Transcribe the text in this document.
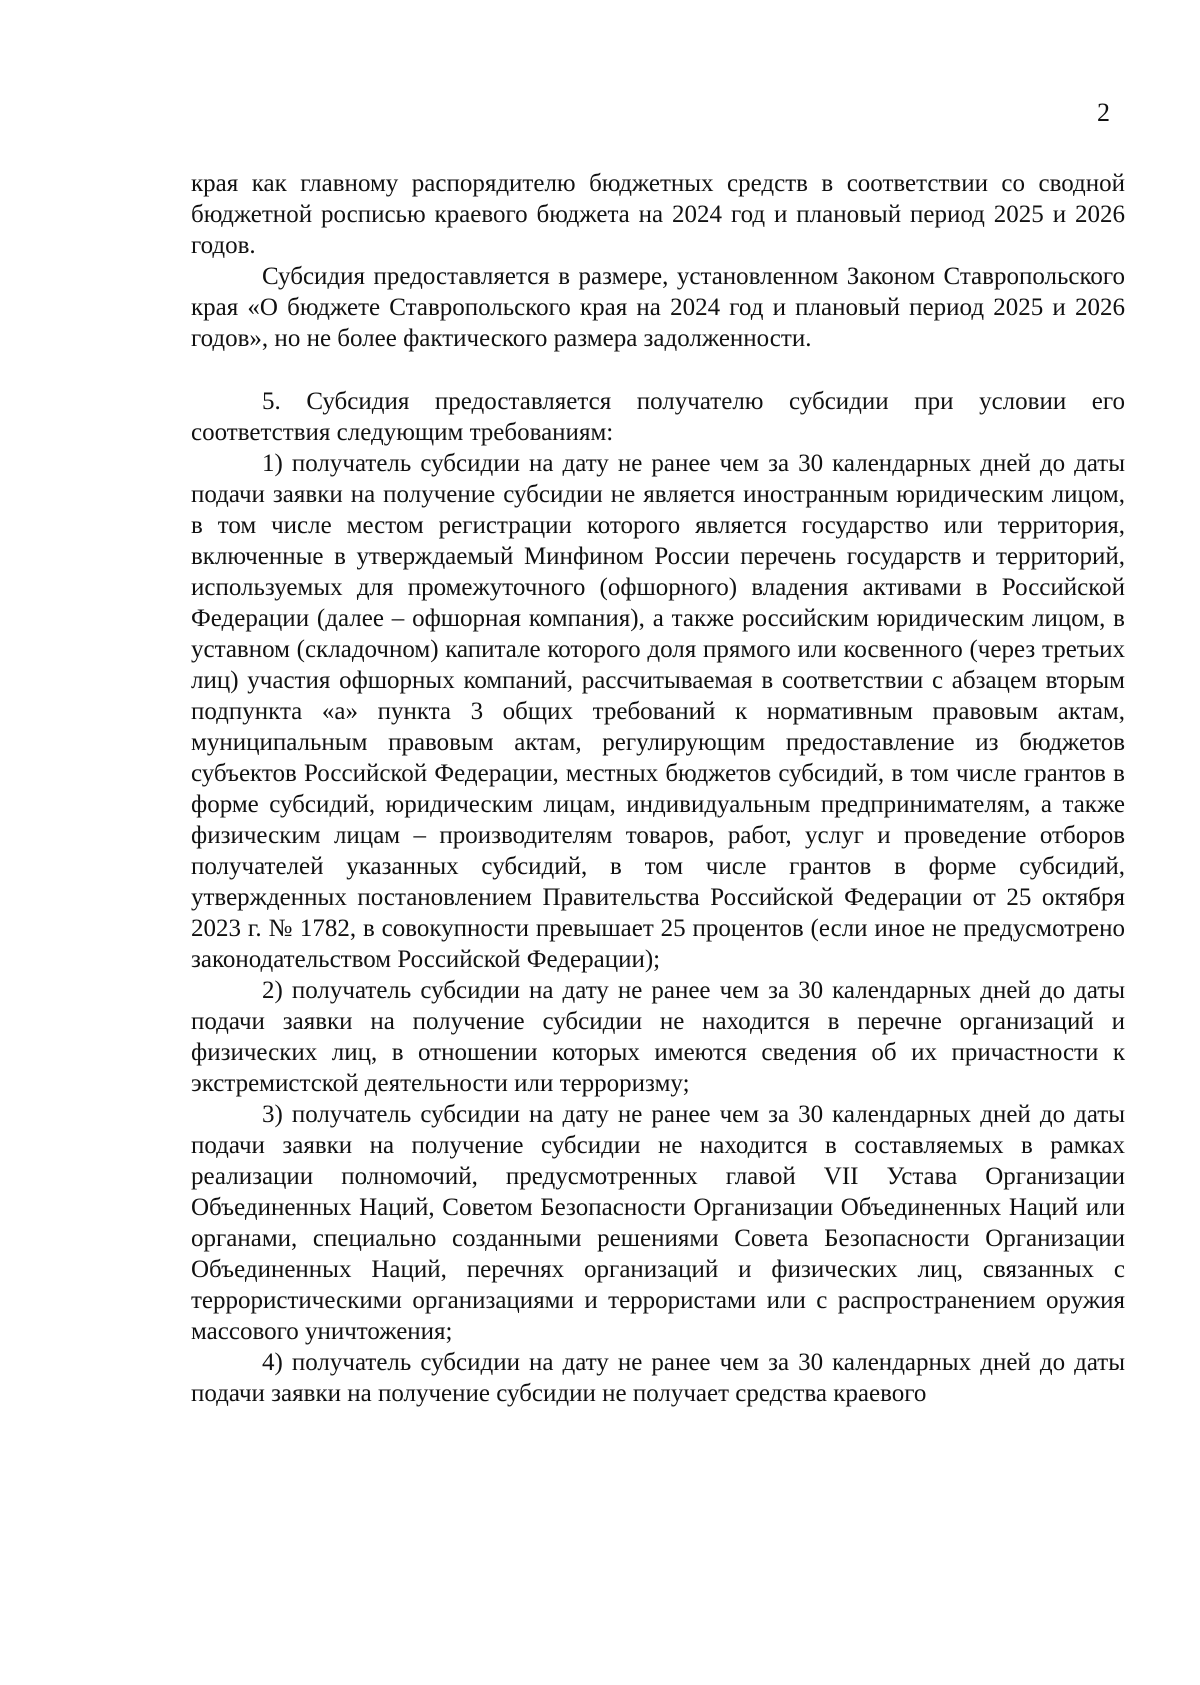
2

края как главному распорядителю бюджетных средств в соответствии со сводной бюджетной росписью краевого бюджета на 2024 год и плановый период 2025 и 2026 годов.

Субсидия предоставляется в размере, установленном Законом Ставропольского края «О бюджете Ставропольского края на 2024 год и плановый период 2025 и 2026 годов», но не более фактического размера задолженности.

5. Субсидия предоставляется получателю субсидии при условии его соответствия следующим требованиям:

1) получатель субсидии на дату не ранее чем за 30 календарных дней до даты подачи заявки на получение субсидии не является иностранным юридическим лицом, в том числе местом регистрации которого является государство или территория, включенные в утверждаемый Минфином России перечень государств и территорий, используемых для промежуточного (офшорного) владения активами в Российской Федерации (далее – офшорная компания), а также российским юридическим лицом, в уставном (складочном) капитале которого доля прямого или косвенного (через третьих лиц) участия офшорных компаний, рассчитываемая в соответствии с абзацем вторым подпункта «а» пункта 3 общих требований к нормативным правовым актам, муниципальным правовым актам, регулирующим предоставление из бюджетов субъектов Российской Федерации, местных бюджетов субсидий, в том числе грантов в форме субсидий, юридическим лицам, индивидуальным предпринимателям, а также физическим лицам – производителям товаров, работ, услуг и проведение отборов получателей указанных субсидий, в том числе грантов в форме субсидий, утвержденных постановлением Правительства Российской Федерации от 25 октября 2023 г. № 1782, в совокупности превышает 25 процентов (если иное не предусмотрено законодательством Российской Федерации);

2) получатель субсидии на дату не ранее чем за 30 календарных дней до даты подачи заявки на получение субсидии не находится в перечне организаций и физических лиц, в отношении которых имеются сведения об их причастности к экстремистской деятельности или терроризму;

3) получатель субсидии на дату не ранее чем за 30 календарных дней до даты подачи заявки на получение субсидии не находится в составляемых в рамках реализации полномочий, предусмотренных главой VII Устава Организации Объединенных Наций, Советом Безопасности Организации Объединенных Наций или органами, специально созданными решениями Совета Безопасности Организации Объединенных Наций, перечнях организаций и физических лиц, связанных с террористическими организациями и террористами или с распространением оружия массового уничтожения;

4) получатель субсидии на дату не ранее чем за 30 календарных дней до даты подачи заявки на получение субсидии не получает средства краевого
